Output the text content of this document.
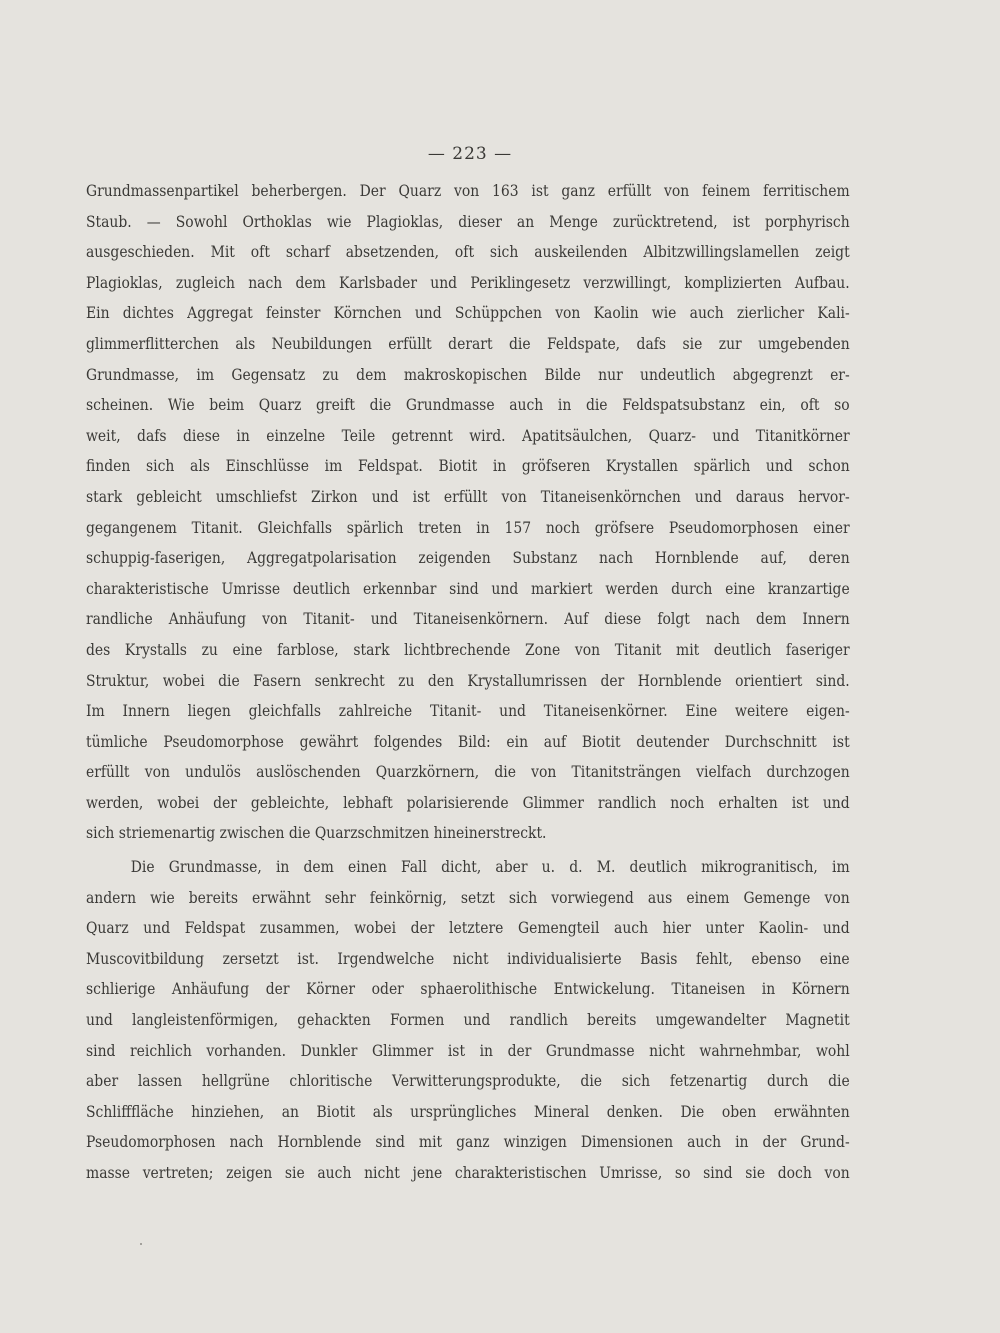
— 223 —
Grundmassenpartikel beherbergen. Der Quarz von 163 ist ganz erfüllt von feinem ferritischem
Staub. — Sowohl Orthoklas wie Plagioklas, dieser an Menge zurücktretend, ist porphyrisch
ausgeschieden. Mit oft scharf absetzenden, oft sich auskeilenden Albitzwillingslamellen zeigt
Plagioklas, zugleich nach dem Karlsbader und Periklingesetz verzwillingt, komplizierten Aufbau.
Ein dichtes Aggregat feinster Körnchen und Schüppchen von Kaolin wie auch zierlicher Kali-
glimmerflitterchen als Neubildungen erfüllt derart die Feldspate, dafs sie zur umgebenden
Grundmasse, im Gegensatz zu dem makroskopischen Bilde nur undeutlich abgegrenzt er-
scheinen. Wie beim Quarz greift die Grundmasse auch in die Feldspatsubstanz ein, oft so
weit, dafs diese in einzelne Teile getrennt wird. Apatitsäulchen, Quarz- und Titanitkörner
finden sich als Einschlüsse im Feldspat. Biotit in gröfseren Krystallen spärlich und schon
stark gebleicht umschliefst Zirkon und ist erfüllt von Titaneisenkörnchen und daraus hervor-
gegangenem Titanit. Gleichfalls spärlich treten in 157 noch gröfsere Pseudomorphosen einer
schuppig-faserigen, Aggregatpolarisation zeigenden Substanz nach Hornblende auf, deren
charakteristische Umrisse deutlich erkennbar sind und markiert werden durch eine kranzartige
randliche Anhäufung von Titanit- und Titaneisenkörnern. Auf diese folgt nach dem Innern
des Krystalls zu eine farblose, stark lichtbrechende Zone von Titanit mit deutlich faseriger
Struktur, wobei die Fasern senkrecht zu den Krystallumrissen der Hornblende orientiert sind.
Im Innern liegen gleichfalls zahlreiche Titanit- und Titaneisenkörner. Eine weitere eigen-
tümliche Pseudomorphose gewährt folgendes Bild: ein auf Biotit deutender Durchschnitt ist
erfüllt von undulös auslöschenden Quarzkörnern, die von Titanitsträngen vielfach durchzogen
werden, wobei der gebleichte, lebhaft polarisierende Glimmer randlich noch erhalten ist und
sich striemenartig zwischen die Quarzschmitzen hineinerstreckt.
Die Grundmasse, in dem einen Fall dicht, aber u. d. M. deutlich mikrogranitisch, im
andern wie bereits erwähnt sehr feinkörnig, setzt sich vorwiegend aus einem Gemenge von
Quarz und Feldspat zusammen, wobei der letztere Gemengteil auch hier unter Kaolin- und
Muscovitbildung zersetzt ist. Irgendwelche nicht individualisierte Basis fehlt, ebenso eine
schlierige Anhäufung der Körner oder sphaerolithische Entwickelung. Titaneisen in Körnern
und langleistenförmigen, gehackten Formen und randlich bereits umgewandelter Magnetit
sind reichlich vorhanden. Dunkler Glimmer ist in der Grundmasse nicht wahrnehmbar, wohl
aber lassen hellgrüne chloritische Verwitterungsprodukte, die sich fetzenartig durch die
Schlifffläche hinziehen, an Biotit als ursprüngliches Mineral denken. Die oben erwähnten
Pseudomorphosen nach Hornblende sind mit ganz winzigen Dimensionen auch in der Grund-
masse vertreten; zeigen sie auch nicht jene charakteristischen Umrisse, so sind sie doch von
